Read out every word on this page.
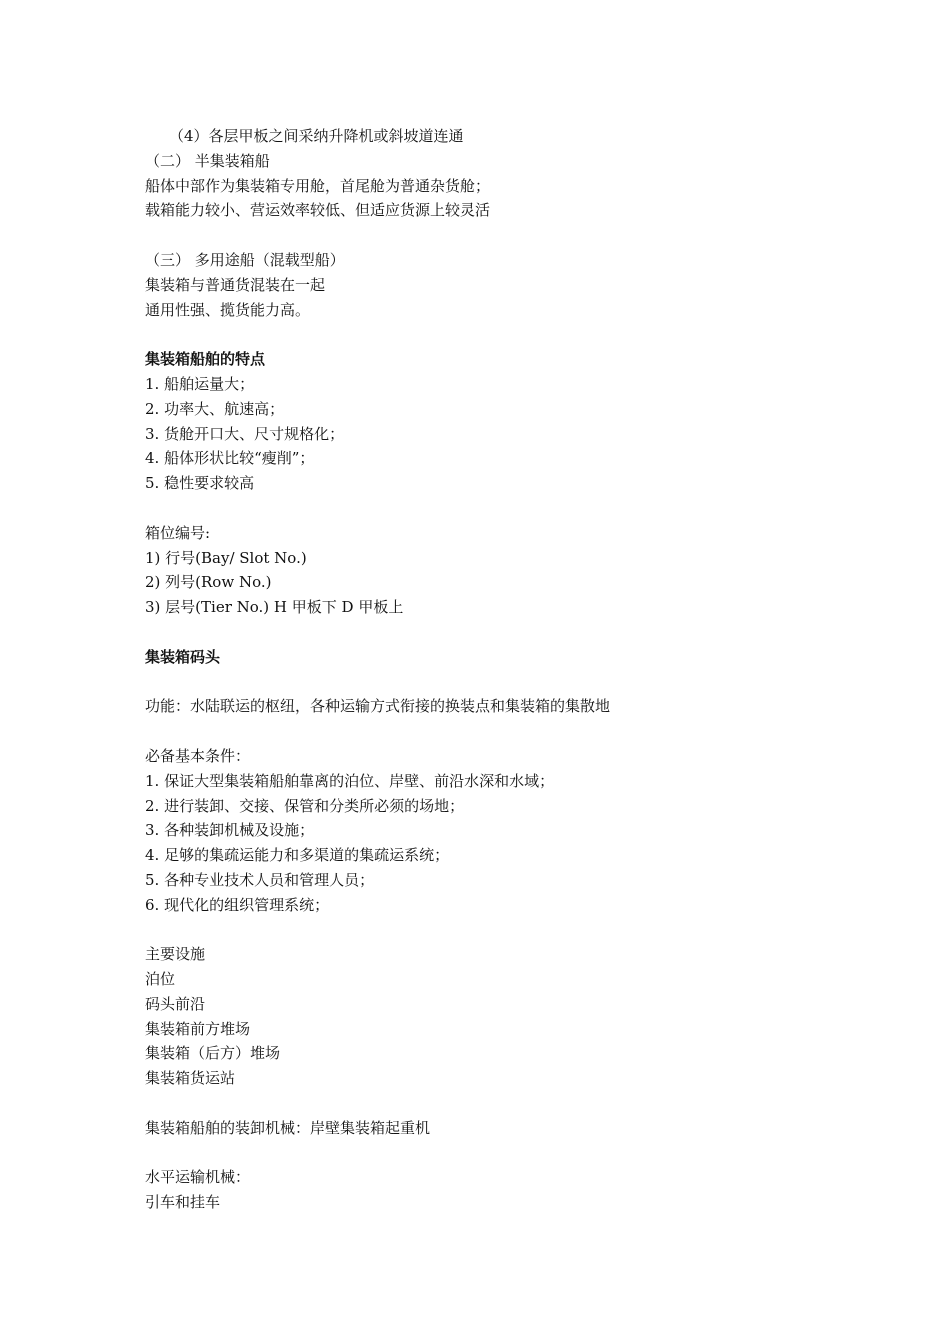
（4）各层甲板之间采纳升降机或斜坡道连通
（二） 半集装箱船
船体中部作为集装箱专用舱，首尾舱为普通杂货舱；
载箱能力较小、营运效率较低、但适应货源上较灵活
（三） 多用途船（混载型船）
集装箱与普通货混装在一起
通用性强、揽货能力高。
集装箱船舶的特点
1. 船舶运量大；
2. 功率大、航速高；
3. 货舱开口大、尺寸规格化；
4. 船体形状比较“瘦削”；
5. 稳性要求较高
箱位编号:
1) 行号(Bay/ Slot No.)
2) 列号(Row No.)
3) 层号(Tier No.) H 甲板下 D 甲板上
集装箱码头
功能：水陆联运的枢纽，各种运输方式衔接的换装点和集装箱的集散地
必备基本条件：
1. 保证大型集装箱船舶靠离的泊位、岸壁、前沿水深和水域；
2. 进行装卸、交接、保管和分类所必须的场地；
3. 各种装卸机械及设施；
4. 足够的集疏运能力和多渠道的集疏运系统；
5. 各种专业技术人员和管理人员；
6. 现代化的组织管理系统；
主要设施
泊位
码头前沿
集装箱前方堆场
集装箱（后方）堆场
集装箱货运站
集装箱船舶的装卸机械：岸壁集装箱起重机
水平运输机械：
引车和挂车
